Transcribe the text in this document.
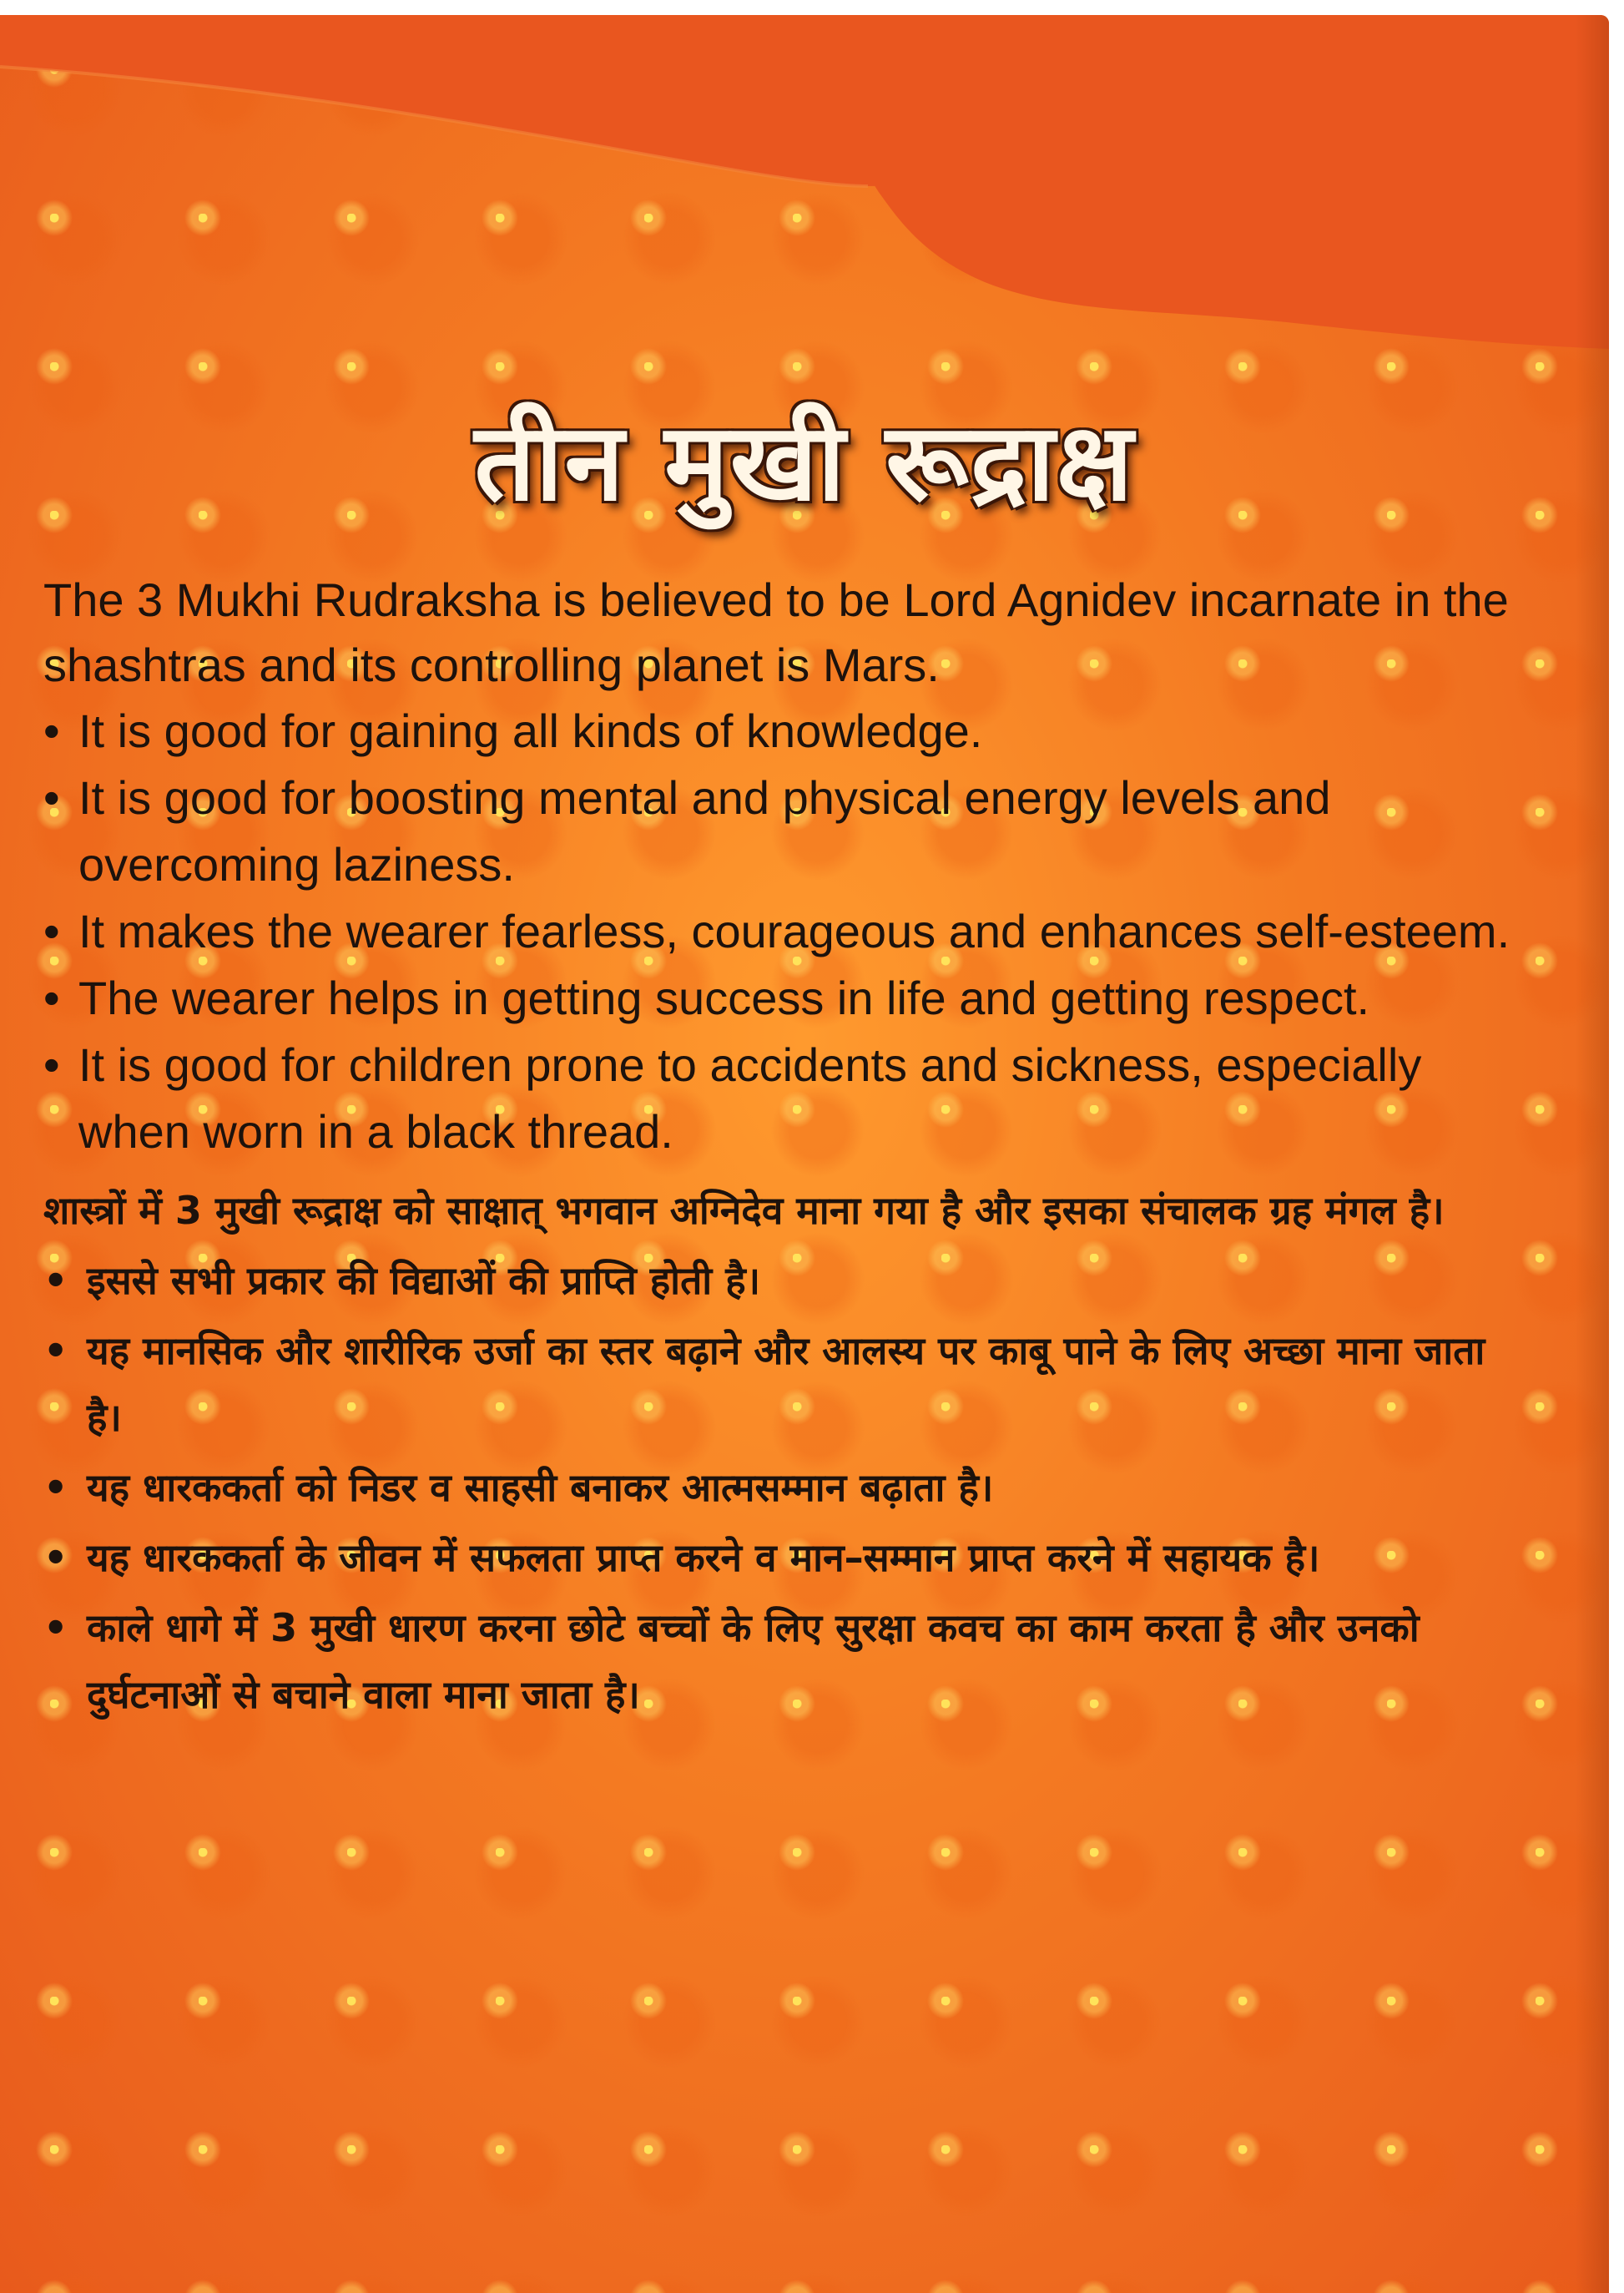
तीन मुखी रूद्राक्ष

The 3 Mukhi Rudraksha is believed to be Lord Agnidev incarnate in the shashtras and its controlling planet is Mars.

• It is good for gaining all kinds of knowledge.
• It is good for boosting mental and physical energy levels and overcoming laziness.
• It makes the wearer fearless, courageous and enhances self-esteem.
• The wearer helps in getting success in life and getting respect.
• It is good for children prone to accidents and sickness, especially when worn in a black thread.

शास्त्रों में 3 मुखी रूद्राक्ष को साक्षात् भगवान अग्निदेव माना गया है और इसका संचालक ग्रह मंगल है।

• इससे सभी प्रकार की विद्याओं की प्राप्ति होती है।
• यह मानसिक और शारीरिक उर्जा का स्तर बढ़ाने और आलस्य पर काबू पाने के लिए अच्छा माना जाता है।
• यह धारककर्ता को निडर व साहसी बनाकर आत्मसम्मान बढ़ाता है।
• यह धारककर्ता के जीवन में सफलता प्राप्त करने व मान–सम्मान प्राप्त करने में सहायक है।
• काले धागे में 3 मुखी धारण करना छोटे बच्चों के लिए सुरक्षा कवच का काम करता है और उनको दुर्घटनाओं से बचाने वाला माना जाता है।
